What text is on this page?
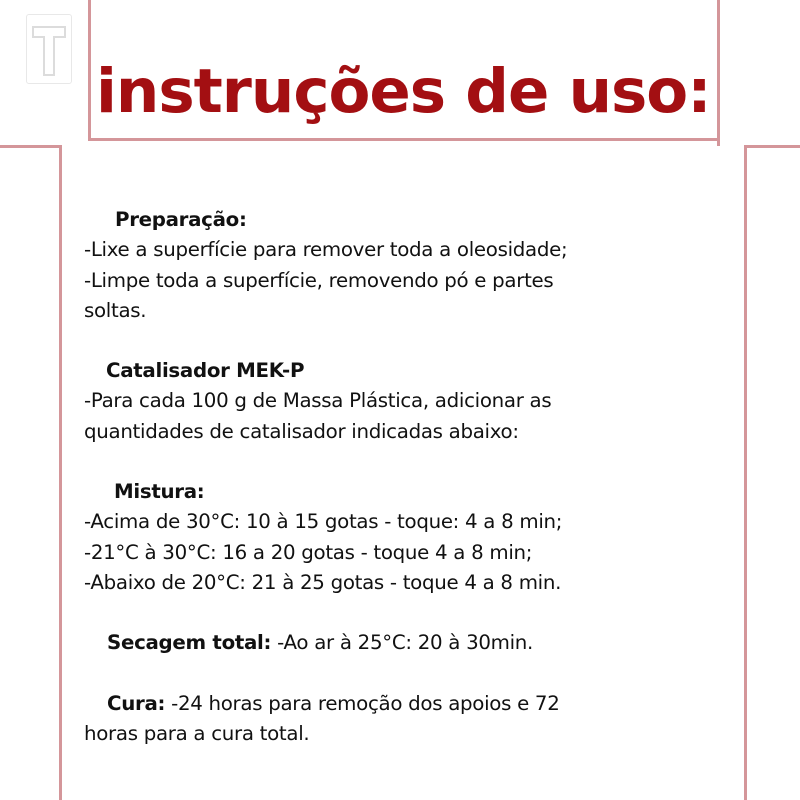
instruções de uso:

Preparação:

-Lixe a superfície para remover toda a oleosidade;

-Limpe toda a superfície, removendo pó e partes

soltas.

Catalisador MEK-P

-Para cada 100 g de Massa Plástica, adicionar as

quantidades de catalisador indicadas abaixo:

Mistura:

-Acima de 30°C: 10 à 15 gotas - toque: 4 a 8 min;

-21°C à 30°C: 16 a 20 gotas - toque 4 a 8 min;

-Abaixo de 20°C: 21 à 25 gotas - toque 4 a 8 min.

Secagem total: -Ao ar à 25°C: 20 à 30min.

Cura: -24 horas para remoção dos apoios e 72

horas para a cura total.
